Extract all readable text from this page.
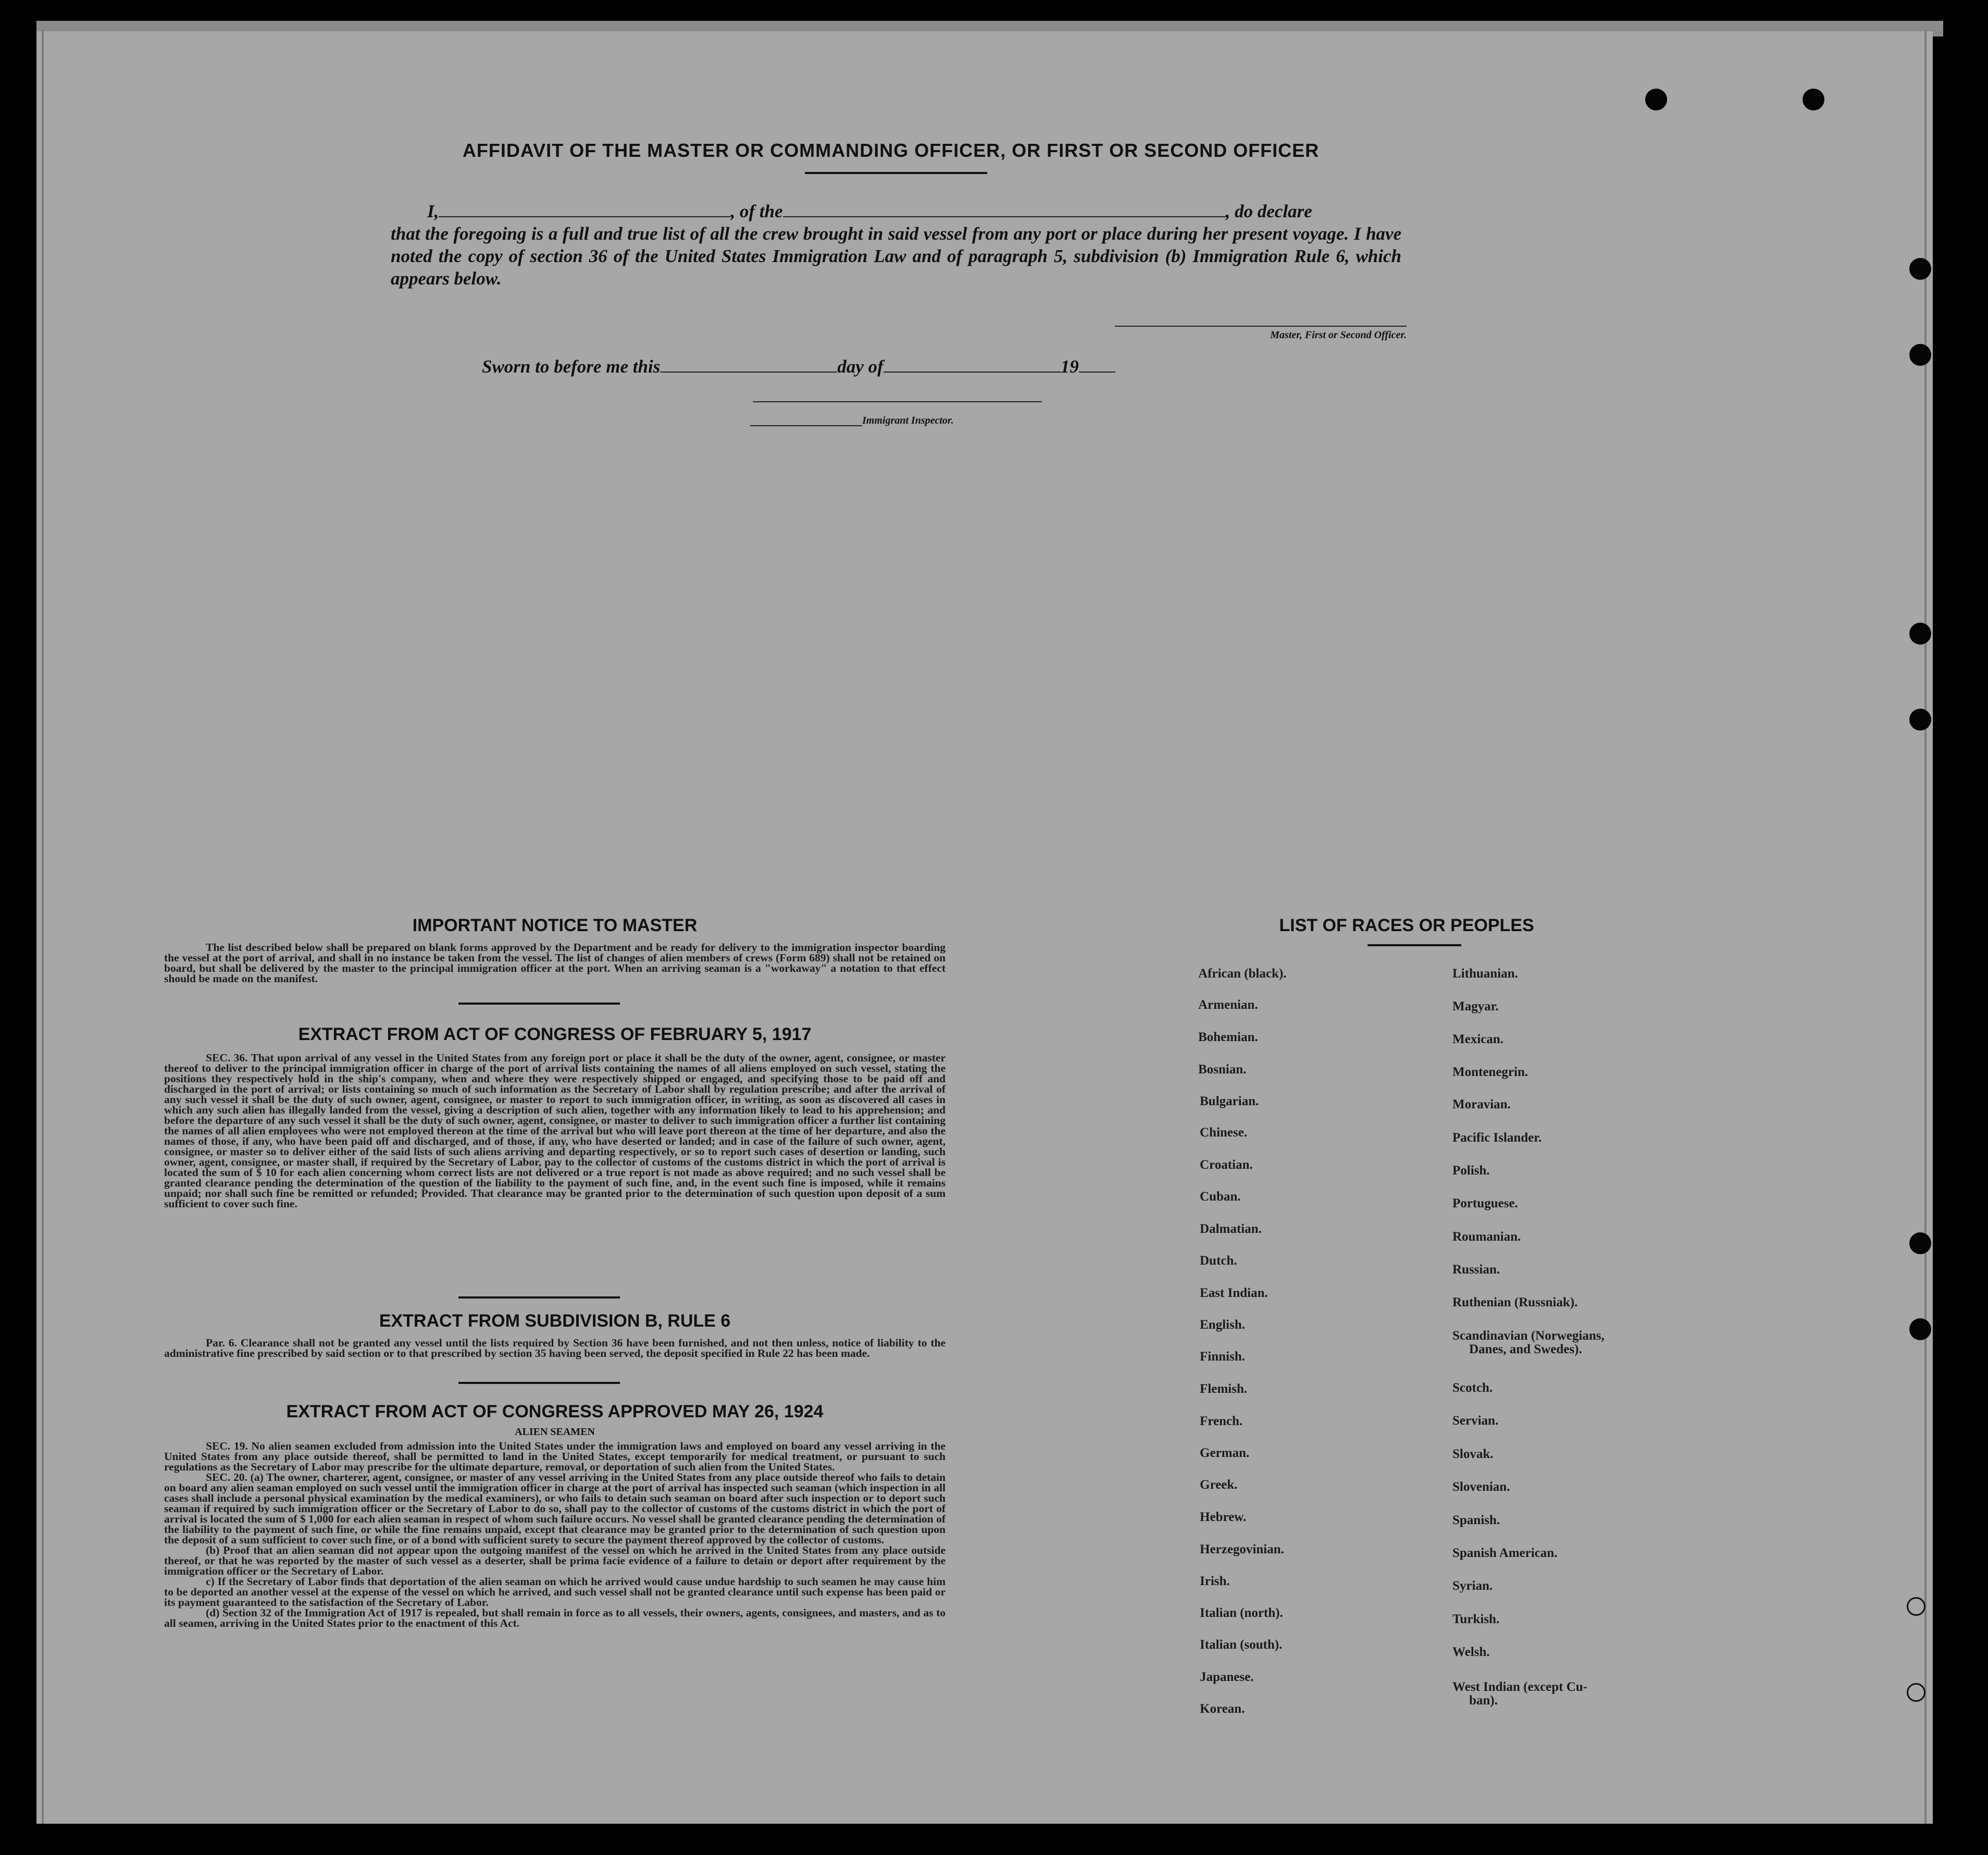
AFFIDAVIT OF THE MASTER OR COMMANDING OFFICER, OR FIRST OR SECOND OFFICER
I,	, of the	, do declare
that the foregoing is a full and true list of all the crew brought in said vessel from any port or place during her present voyage. I have noted the copy of section 36 of the United States Immigration Law and of paragraph 5, subdivision (b) Immigration Rule 6, which appears below.
Master, First or Second Officer.
Sworn to before me this	day of	19
Immigrant Inspector.
IMPORTANT NOTICE TO MASTER
The list described below shall be prepared on blank forms approved by the Department and be ready for delivery to the immigration inspector boarding the vessel at the port of arrival, and shall in no instance be taken from the vessel. The list of changes of alien members of crews (Form 689) shall not be retained on board, but shall be delivered by the master to the principal immigration officer at the port. When an arriving seaman is a "workaway" a notation to that effect should be made on the manifest.
EXTRACT FROM ACT OF CONGRESS OF FEBRUARY 5, 1917
SEC. 36. That upon arrival of any vessel in the United States from any foreign port or place it shall be the duty of the owner, agent, consignee, or master thereof to deliver to the principal immigration officer in charge of the port of arrival lists containing the names of all aliens employed on such vessel, stating the positions they respectively hold in the ship's company, when and where they were respectively shipped or engaged, and specifying those to be paid off and discharged in the port of arrival; or lists containing so much of such information as the Secretary of Labor shall by regulation prescribe; and after the arrival of any such vessel it shall be the duty of such owner, agent, consignee, or master to report to such immigration officer, in writing, as soon as discovered all cases in which any such alien has illegally landed from the vessel, giving a description of such alien, together with any information likely to lead to his apprehension; and before the departure of any such vessel it shall be the duty of such owner, agent, consignee, or master to deliver to such immigration officer a further list containing the names of all alien employees who were not employed thereon at the time of the arrival but who will leave port thereon at the time of her departure, and also the names of those, if any, who have been paid off and discharged, and of those, if any, who have deserted or landed; and in case of the failure of such owner, agent, consignee, or master so to deliver either of the said lists of such aliens arriving and departing respectively, or so to report such cases of desertion or landing, such owner, agent, consignee, or master shall, if required by the Secretary of Labor, pay to the collector of customs of the customs district in which the port of arrival is located the sum of $ 10 for each alien concerning whom correct lists are not delivered or a true report is not made as above required; and no such vessel shall be granted clearance pending the determination of the question of the liability to the payment of such fine, and, in the event such fine is imposed, while it remains unpaid; nor shall such fine be remitted or refunded; Provided. That clearance may be granted prior to the determination of such question upon deposit of a sum sufficient to cover such fine.
EXTRACT FROM SUBDIVISION B, RULE 6
Par. 6. Clearance shall not be granted any vessel until the lists required by Section 36 have been furnished, and not then unless, notice of liability to the administrative fine prescribed by said section or to that prescribed by section 35 having been served, the deposit specified in Rule 22 has been made.
EXTRACT FROM ACT OF CONGRESS APPROVED MAY 26, 1924
ALIEN SEAMEN
SEC. 19. No alien seamen excluded from admission into the United States under the immigration laws and employed on board any vessel arriving in the United States from any place outside thereof, shall be permitted to land in the United States, except temporarily for medical treatment, or pursuant to such regulations as the Secretary of Labor may prescribe for the ultimate departure, removal, or deportation of such alien from the United States.
SEC. 20. (a) The owner, charterer, agent, consignee, or master of any vessel arriving in the United States from any place outside thereof who fails to detain on board any alien seaman employed on such vessel until the immigration officer in charge at the port of arrival has inspected such seaman (which inspection in all cases shall include a personal physical examination by the medical examiners), or who fails to detain such seaman on board after such inspection or to deport such seaman if required by such immigration officer or the Secretary of Labor to do so, shall pay to the collector of customs of the customs district in which the port of arrival is located the sum of $ 1,000 for each alien seaman in respect of whom such failure occurs. No vessel shall be granted clearance pending the determination of the liability to the payment of such fine, or while the fine remains unpaid, except that clearance may be granted prior to the determination of such question upon the deposit of a sum sufficient to cover such fine, or of a bond with sufficient surety to secure the payment thereof approved by the collector of customs.
(b) Proof that an alien seaman did not appear upon the outgoing manifest of the vessel on which he arrived in the United States from any place outside thereof, or that he was reported by the master of such vessel as a deserter, shall be prima facie evidence of a failure to detain or deport after requirement by the immigration officer or the Secretary of Labor.
c) If the Secretary of Labor finds that deportation of the alien seaman on which he arrived would cause undue hardship to such seamen he may cause him to be deported an another vessel at the expense of the vessel on which he arrived, and such vessel shall not be granted clearance until such expense has been paid or its payment guaranteed to the satisfaction of the Secretary of Labor.
(d) Section 32 of the Immigration Act of 1917 is repealed, but shall remain in force as to all vessels, their owners, agents, consignees, and masters, and as to all seamen, arriving in the United States prior to the enactment of this Act.
LIST OF RACES OR PEOPLES
African (black).
Armenian.
Bohemian.
Bosnian.
Bulgarian.
Chinese.
Croatian.
Cuban.
Dalmatian.
Dutch.
East Indian.
English.
Finnish.
Flemish.
French.
German.
Greek.
Hebrew.
Herzegovinian.
Irish.
Italian (north).
Italian (south).
Japanese.
Korean.
Lithuanian.
Magyar.
Mexican.
Montenegrin.
Moravian.
Pacific Islander.
Polish.
Portuguese.
Roumanian.
Russian.
Ruthenian (Russniak).
Scandinavian (Norwegians,
Danes, and Swedes).
Scotch.
Servian.
Slovak.
Slovenian.
Spanish.
Spanish American.
Syrian.
Turkish.
Welsh.
West Indian (except Cu-
ban).
